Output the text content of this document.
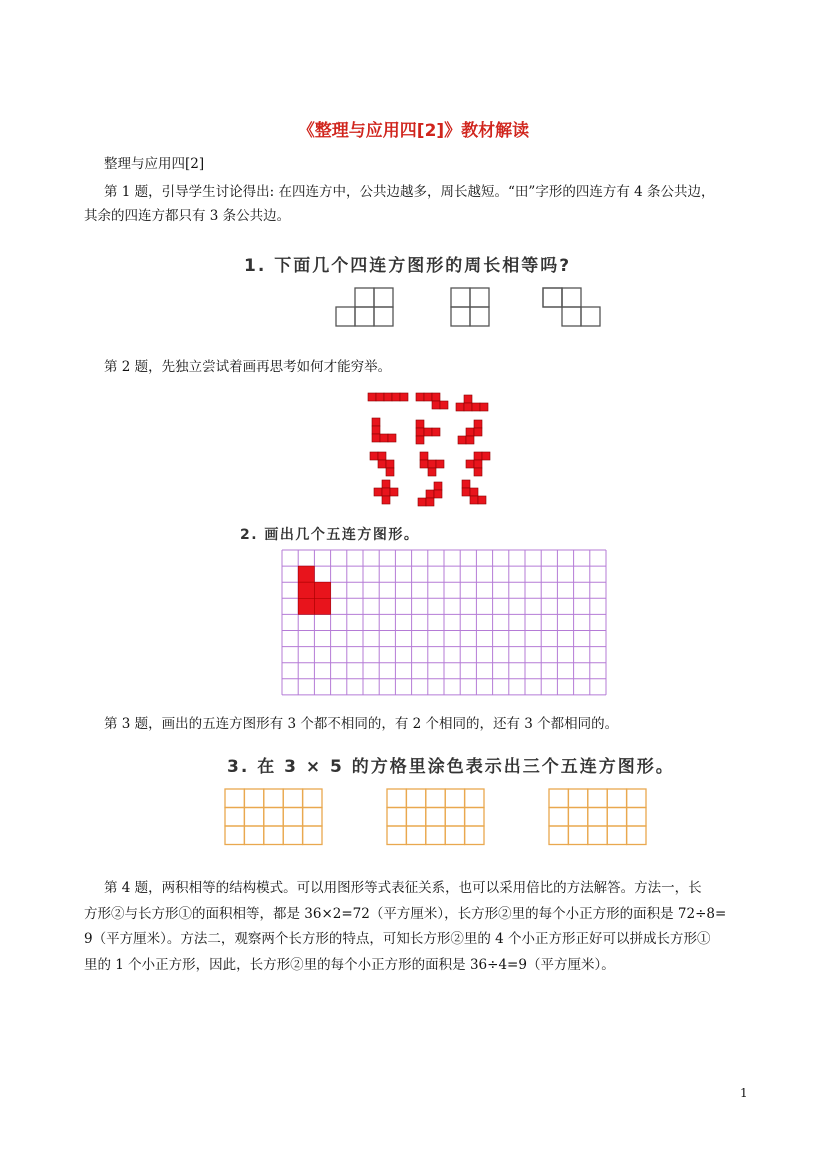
《整理与应用四[2]》教材解读
整理与应用四[2]
第 1 题，引导学生讨论得出: 在四连方中，公共边越多，周长越短。“田”字形的四连方有 4 条公共边，
其余的四连方都只有 3 条公共边。
1. 下面几个四连方图形的周长相等吗?
第 2 题，先独立尝试着画再思考如何才能穷举。
2. 画出几个五连方图形。
第 3 题，画出的五连方图形有 3 个都不相同的，有 2 个相同的，还有 3 个都相同的。
3. 在 3 × 5 的方格里涂色表示出三个五连方图形。
第 4 题，两积相等的结构模式。可以用图形等式表征关系，也可以采用倍比的方法解答。方法一，长
方形②与长方形①的面积相等，都是 36×2=72（平方厘米），长方形②里的每个小正方形的面积是 72÷8=
9（平方厘米）。方法二，观察两个长方形的特点，可知长方形②里的 4 个小正方形正好可以拼成长方形①
里的 1 个小正方形，因此，长方形②里的每个小正方形的面积是 36÷4=9（平方厘米）。
1
